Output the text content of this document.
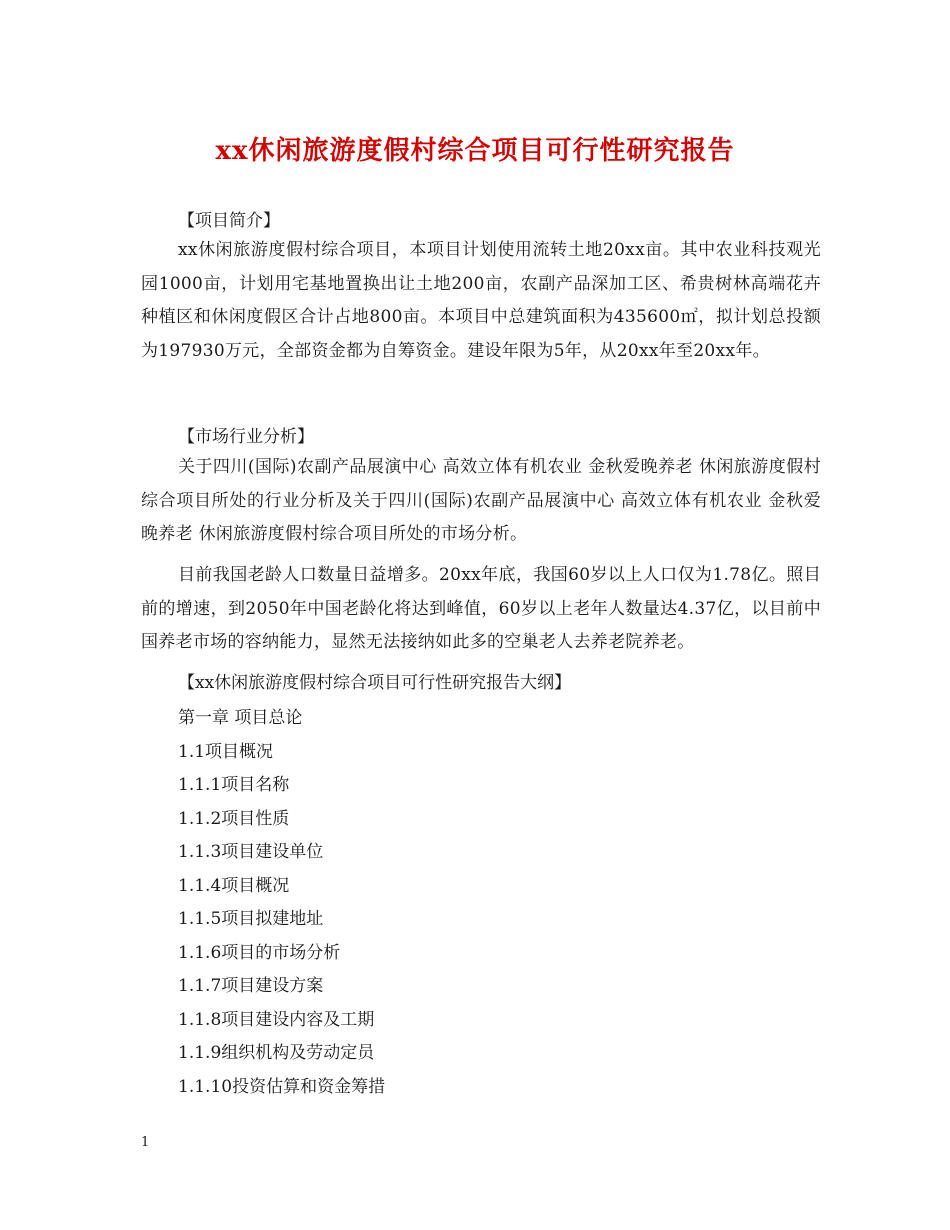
xx休闲旅游度假村综合项目可行性研究报告
【项目简介】
xx休闲旅游度假村综合项目，本项目计划使用流转土地20xx亩。其中农业科技观光园1000亩，计划用宅基地置换出让土地200亩，农副产品深加工区、希贵树林高端花卉种植区和休闲度假区合计占地800亩。本项目中总建筑面积为435600㎡，拟计划总投额为197930万元，全部资金都为自筹资金。建设年限为5年，从20xx年至20xx年。
【市场行业分析】
关于四川(国际)农副产品展演中心 高效立体有机农业 金秋爱晚养老 休闲旅游度假村综合项目所处的行业分析及关于四川(国际)农副产品展演中心 高效立体有机农业 金秋爱晚养老 休闲旅游度假村综合项目所处的市场分析。
目前我国老龄人口数量日益增多。20xx年底，我国60岁以上人口仅为1.78亿。照目前的增速，到2050年中国老龄化将达到峰值，60岁以上老年人数量达4.37亿，以目前中国养老市场的容纳能力，显然无法接纳如此多的空巢老人去养老院养老。
【xx休闲旅游度假村综合项目可行性研究报告大纲】
第一章 项目总论
1.1项目概况
1.1.1项目名称
1.1.2项目性质
1.1.3项目建设单位
1.1.4项目概况
1.1.5项目拟建地址
1.1.6项目的市场分析
1.1.7项目建设方案
1.1.8项目建设内容及工期
1.1.9组织机构及劳动定员
1.1.10投资估算和资金筹措
1
